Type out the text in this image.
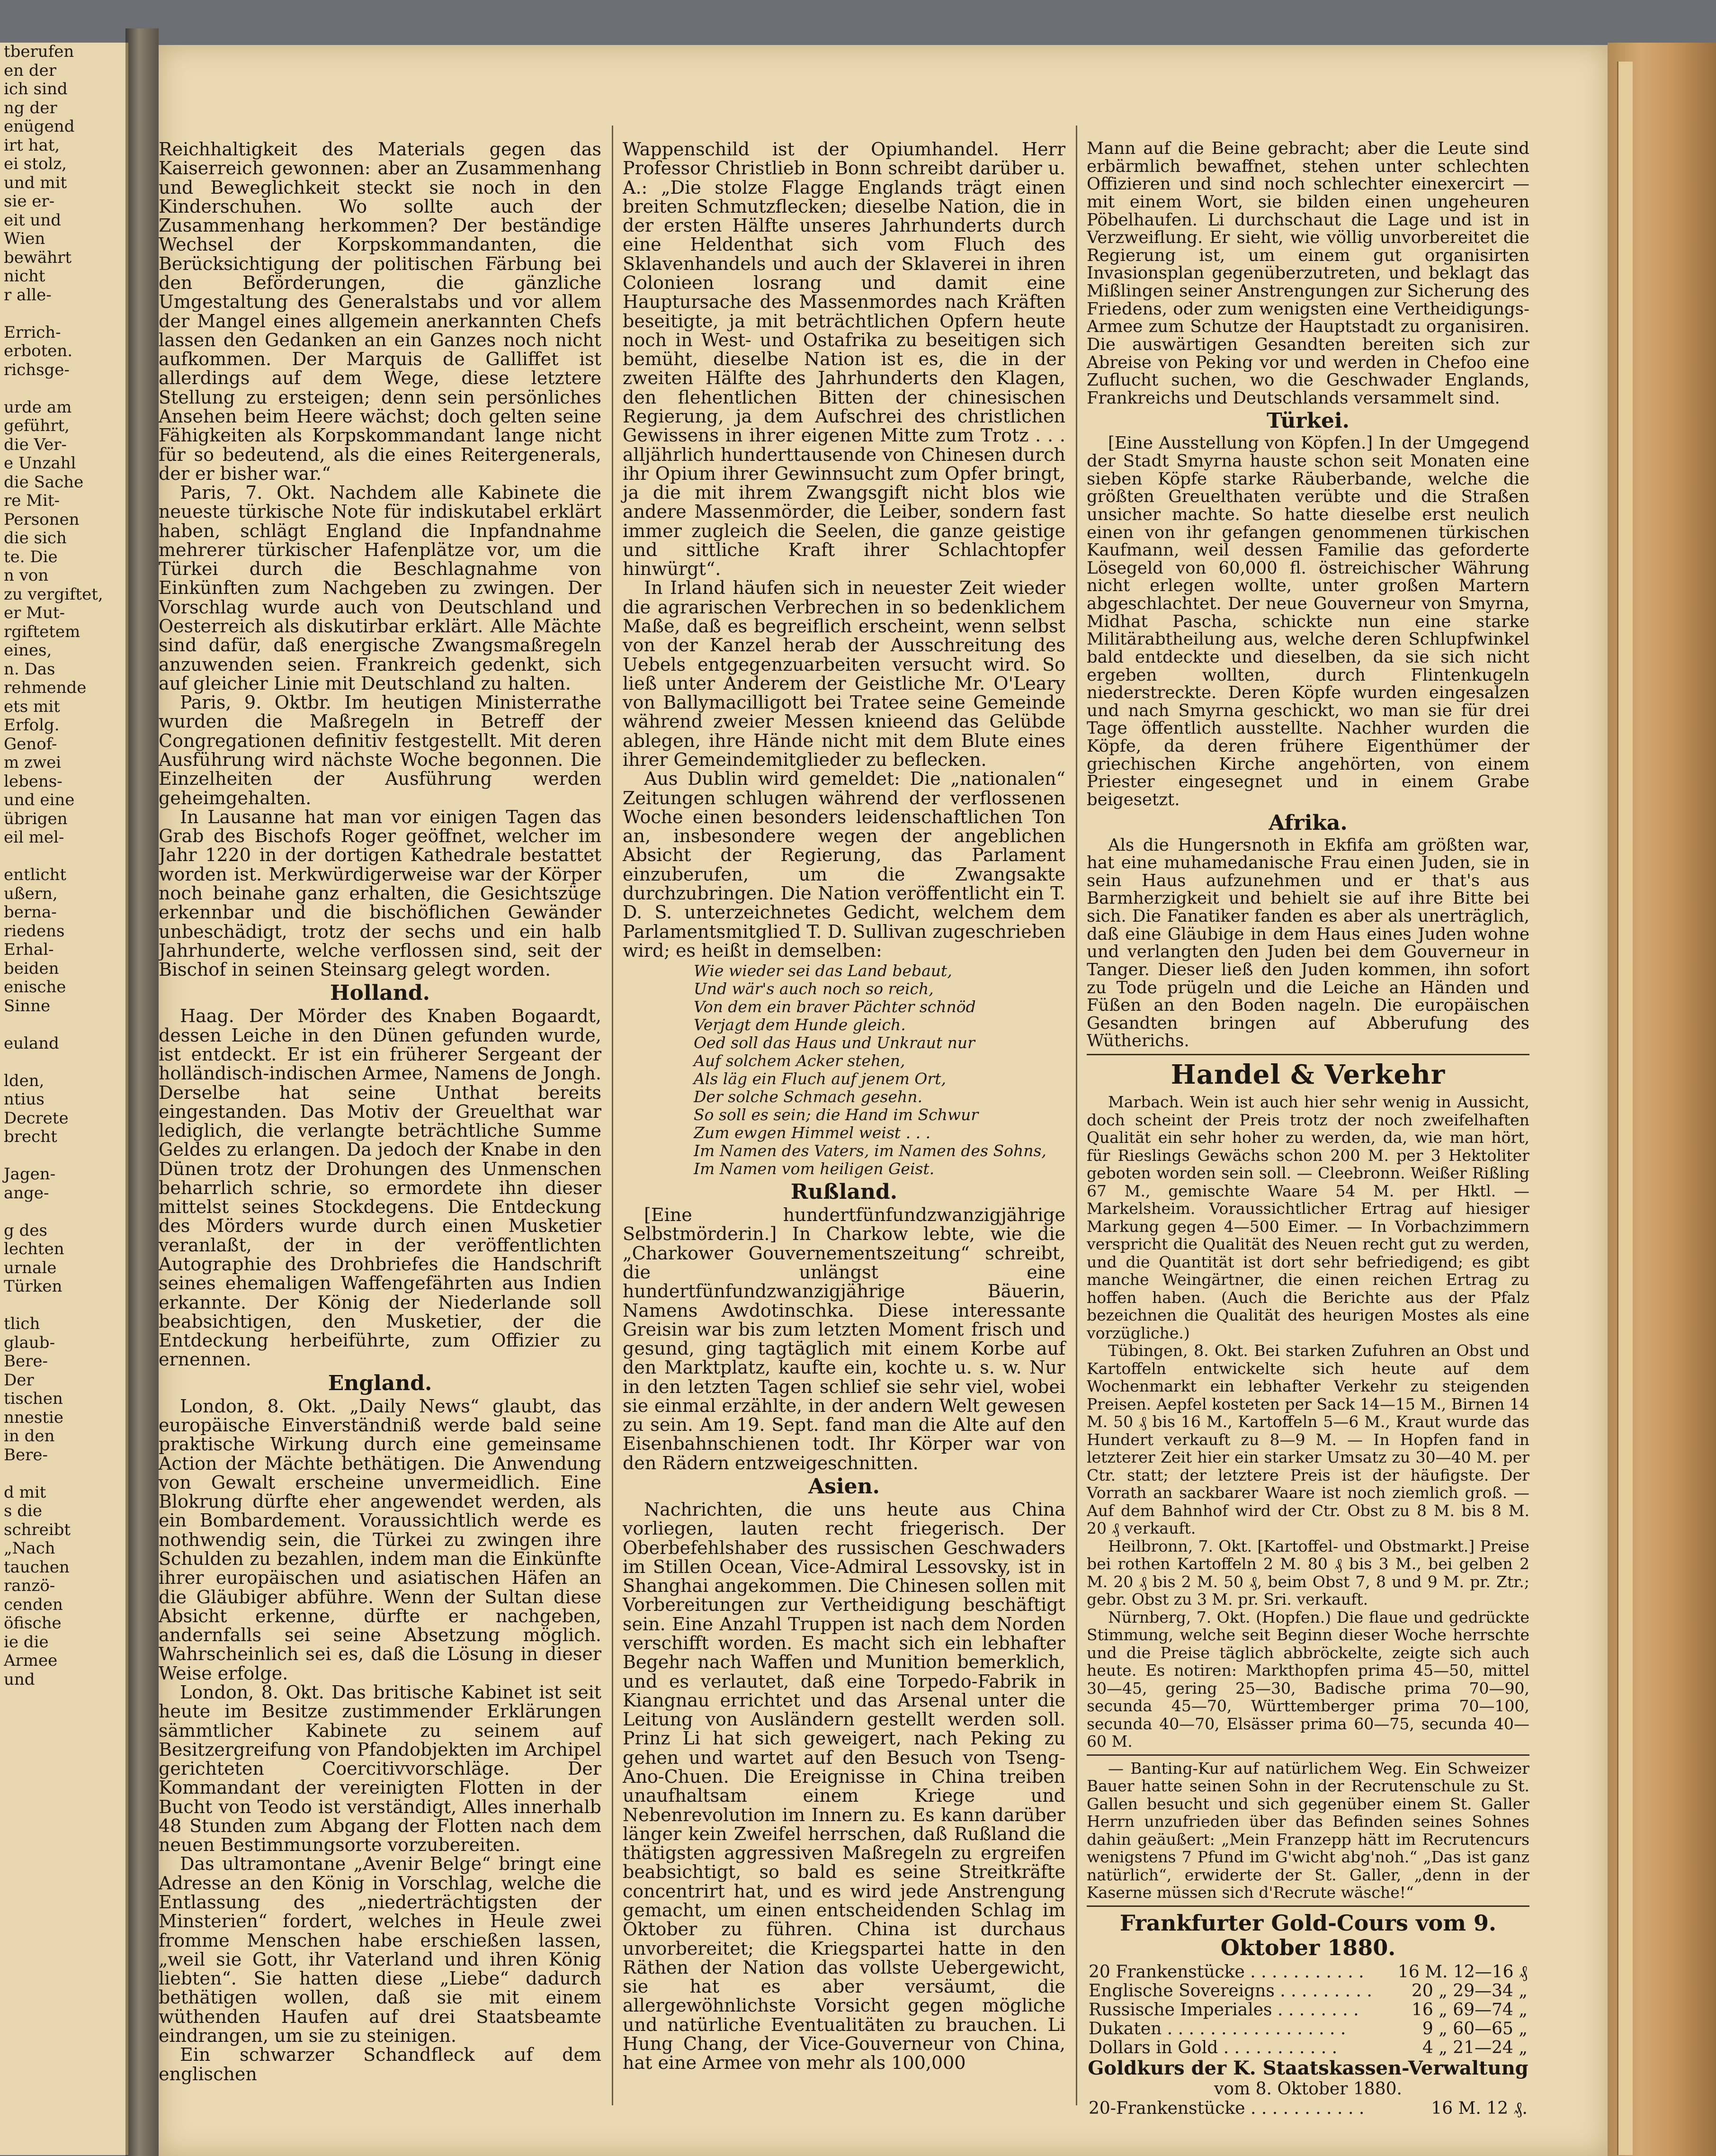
tberufen
en der
ich sind
ng der
enügend
irt hat,
ei stolz,
und mit
sie er-
eit und
Wien
bewährt
nicht
r alle-

Errich-
erboten.
richsge-

urde am
geführt,
die Ver-
e Unzahl
die Sache
re Mit-
Personen
die sich
te. Die
n von
zu vergiftet,
er Mut-
rgiftetem
eines,
n. Das
rehmende
ets mit
Erfolg.
Genof-
m zwei
lebens-
und eine
übrigen
eil mel-

entlicht
ußern,
berna-
riedens
Erhal-
beiden
enische
Sinne

euland

lden,
ntius
Decrete
brecht

Jagen-
ange-

g des
lechten
urnale
Türken

tlich
glaub-
Bere-
Der
tischen
nnestie
in den
Bere-

d mit
s die
schreibt
„Nach
tauchen
ranzö-
cenden
öfische
ie die
Armee
und

Reichhaltigkeit des Materials gegen das Kaiserreich gewonnen: aber an Zusammenhang und Beweglichkeit steckt sie noch in den Kinderschuhen. Wo sollte auch der Zusammenhang herkommen? Der beständige Wechsel der Korpskommandanten, die Berücksichtigung der politischen Färbung bei den Beförderungen, die gänzliche Umgestaltung des Generalstabs und vor allem der Mangel eines allgemein anerkannten Chefs lassen den Gedanken an ein Ganzes noch nicht aufkommen. Der Marquis de Galliffet ist allerdings auf dem Wege, diese letztere Stellung zu ersteigen; denn sein persönliches Ansehen beim Heere wächst; doch gelten seine Fähigkeiten als Korpskommandant lange nicht für so bedeutend, als die eines Reitergenerals, der er bisher war.“

Paris, 7. Okt. Nachdem alle Kabinete die neueste türkische Note für indiskutabel erklärt haben, schlägt England die Inpfandnahme mehrerer türkischer Hafenplätze vor, um die Türkei durch die Beschlagnahme von Einkünften zum Nachgeben zu zwingen. Der Vorschlag wurde auch von Deutschland und Oesterreich als diskutirbar erklärt. Alle Mächte sind dafür, daß energische Zwangsmaßregeln anzuwenden seien. Frankreich gedenkt, sich auf gleicher Linie mit Deutschland zu halten.

Paris, 9. Oktbr. Im heutigen Ministerrathe wurden die Maßregeln in Betreff der Congregationen definitiv festgestellt. Mit deren Ausführung wird nächste Woche begonnen. Die Einzelheiten der Ausführung werden geheimgehalten.

In Lausanne hat man vor einigen Tagen das Grab des Bischofs Roger geöffnet, welcher im Jahr 1220 in der dortigen Kathedrale bestattet worden ist. Merkwürdigerweise war der Körper noch beinahe ganz erhalten, die Gesichtszüge erkennbar und die bischöflichen Gewänder unbeschädigt, trotz der sechs und ein halb Jahrhunderte, welche verflossen sind, seit der Bischof in seinen Steinsarg gelegt worden.

Holland.

Haag. Der Mörder des Knaben Bogaardt, dessen Leiche in den Dünen gefunden wurde, ist entdeckt. Er ist ein früherer Sergeant der holländisch-indischen Armee, Namens de Jongh. Derselbe hat seine Unthat bereits eingestanden. Das Motiv der Greuelthat war lediglich, die verlangte beträchtliche Summe Geldes zu erlangen. Da jedoch der Knabe in den Dünen trotz der Drohungen des Unmenschen beharrlich schrie, so ermordete ihn dieser mittelst seines Stockdegens. Die Entdeckung des Mörders wurde durch einen Musketier veranlaßt, der in der veröffentlichten Autographie des Drohbriefes die Handschrift seines ehemaligen Waffengefährten aus Indien erkannte. Der König der Niederlande soll beabsichtigen, den Musketier, der die Entdeckung herbeiführte, zum Offizier zu ernennen.

England.

London, 8. Okt. „Daily News“ glaubt, das europäische Einverständniß werde bald seine praktische Wirkung durch eine gemeinsame Action der Mächte bethätigen. Die Anwendung von Gewalt erscheine unvermeidlich. Eine Blokrung dürfte eher angewendet werden, als ein Bombardement. Voraussichtlich werde es nothwendig sein, die Türkei zu zwingen ihre Schulden zu bezahlen, indem man die Einkünfte ihrer europäischen und asiatischen Häfen an die Gläubiger abführe. Wenn der Sultan diese Absicht erkenne, dürfte er nachgeben, andernfalls sei seine Absetzung möglich. Wahrscheinlich sei es, daß die Lösung in dieser Weise erfolge.

London, 8. Okt. Das britische Kabinet ist seit heute im Besitze zustimmender Erklärungen sämmtlicher Kabinete zu seinem auf Besitzergreifung von Pfandobjekten im Archipel gerichteten Coercitivvorschläge. Der Kommandant der vereinigten Flotten in der Bucht von Teodo ist verständigt, Alles innerhalb 48 Stunden zum Abgang der Flotten nach dem neuen Bestimmungsorte vorzubereiten.

Das ultramontane „Avenir Belge“ bringt eine Adresse an den König in Vorschlag, welche die Entlassung des „niederträchtigsten der Minsterien“ fordert, welches in Heule zwei fromme Menschen habe erschießen lassen, „weil sie Gott, ihr Vaterland und ihren König liebten“. Sie hatten diese „Liebe“ dadurch bethätigen wollen, daß sie mit einem wüthenden Haufen auf drei Staatsbeamte eindrangen, um sie zu steinigen.

Ein schwarzer Schandfleck auf dem englischen

Wappenschild ist der Opiumhandel. Herr Professor Christlieb in Bonn schreibt darüber u. A.: „Die stolze Flagge Englands trägt einen breiten Schmutzflecken; dieselbe Nation, die in der ersten Hälfte unseres Jahrhunderts durch eine Heldenthat sich vom Fluch des Sklavenhandels und auch der Sklaverei in ihren Colonieen losrang und damit eine Hauptursache des Massenmordes nach Kräften beseitigte, ja mit beträchtlichen Opfern heute noch in West- und Ostafrika zu beseitigen sich bemüht, dieselbe Nation ist es, die in der zweiten Hälfte des Jahrhunderts den Klagen, den flehentlichen Bitten der chinesischen Regierung, ja dem Aufschrei des christlichen Gewissens in ihrer eigenen Mitte zum Trotz . . . alljährlich hunderttausende von Chinesen durch ihr Opium ihrer Gewinnsucht zum Opfer bringt, ja die mit ihrem Zwangsgift nicht blos wie andere Massenmörder, die Leiber, sondern fast immer zugleich die Seelen, die ganze geistige und sittliche Kraft ihrer Schlachtopfer hinwürgt“.

In Irland häufen sich in neuester Zeit wieder die agrarischen Verbrechen in so bedenklichem Maße, daß es begreiflich erscheint, wenn selbst von der Kanzel herab der Ausschreitung des Uebels entgegenzuarbeiten versucht wird. So ließ unter Anderem der Geistliche Mr. O'Leary von Ballymacilligott bei Tratee seine Gemeinde während zweier Messen knieend das Gelübde ablegen, ihre Hände nicht mit dem Blute eines ihrer Gemeindemitglieder zu beflecken.

Aus Dublin wird gemeldet: Die „nationalen“ Zeitungen schlugen während der verflossenen Woche einen besonders leidenschaftlichen Ton an, insbesondere wegen der angeblichen Absicht der Regierung, das Parlament einzuberufen, um die Zwangsakte durchzubringen. Die Nation veröffentlicht ein T. D. S. unterzeichnetes Gedicht, welchem dem Parlamentsmitglied T. D. Sullivan zugeschrieben wird; es heißt in demselben:

Wie wieder sei das Land bebaut,
Und wär's auch noch so reich,
Von dem ein braver Pächter schnöd
Verjagt dem Hunde gleich.
Oed soll das Haus und Unkraut nur
Auf solchem Acker stehen,
Als läg ein Fluch auf jenem Ort,
Der solche Schmach gesehn.
So soll es sein; die Hand im Schwur
Zum ewgen Himmel weist . . .
Im Namen des Vaters, im Namen des Sohns,
Im Namen vom heiligen Geist.
Rußland.

[Eine hundertfünfundzwanzigjährige Selbstmörderin.] In Charkow lebte, wie die „Charkower Gouvernementszeitung“ schreibt, die unlängst eine hundertfünfundzwanzigjährige Bäuerin, Namens Awdotinschka. Diese interessante Greisin war bis zum letzten Moment frisch und gesund, ging tagtäglich mit einem Korbe auf den Marktplatz, kaufte ein, kochte u. s. w. Nur in den letzten Tagen schlief sie sehr viel, wobei sie einmal erzählte, in der andern Welt gewesen zu sein. Am 19. Sept. fand man die Alte auf den Eisenbahnschienen todt. Ihr Körper war von den Rädern entzweigeschnitten.

Asien.

Nachrichten, die uns heute aus China vorliegen, lauten recht friegerisch. Der Oberbefehlshaber des russischen Geschwaders im Stillen Ocean, Vice-Admiral Lessovsky, ist in Shanghai angekommen. Die Chinesen sollen mit Vorbereitungen zur Vertheidigung beschäftigt sein. Eine Anzahl Truppen ist nach dem Norden verschifft worden. Es macht sich ein lebhafter Begehr nach Waffen und Munition bemerklich, und es verlautet, daß eine Torpedo-Fabrik in Kiangnau errichtet und das Arsenal unter die Leitung von Ausländern gestellt werden soll. Prinz Li hat sich geweigert, nach Peking zu gehen und wartet auf den Besuch von Tseng-Ano-Chuen. Die Ereignisse in China treiben unaufhaltsam einem Kriege und Nebenrevolution im Innern zu. Es kann darüber länger kein Zweifel herrschen, daß Rußland die thätigsten aggressiven Maßregeln zu ergreifen beabsichtigt, so bald es seine Streitkräfte concentrirt hat, und es wird jede Anstrengung gemacht, um einen entscheidenden Schlag im Oktober zu führen. China ist durchaus unvorbereitet; die Kriegspartei hatte in den Räthen der Nation das vollste Uebergewicht, sie hat es aber versäumt, die allergewöhnlichste Vorsicht gegen mögliche und natürliche Eventualitäten zu brauchen. Li Hung Chang, der Vice-Gouverneur von China, hat eine Armee von mehr als 100,000

Mann auf die Beine gebracht; aber die Leute sind erbärmlich bewaffnet, stehen unter schlechten Offizieren und sind noch schlechter einexercirt — mit einem Wort, sie bilden einen ungeheuren Pöbelhaufen. Li durchschaut die Lage und ist in Verzweiflung. Er sieht, wie völlig unvorbereitet die Regierung ist, um einem gut organisirten Invasionsplan gegenüberzutreten, und beklagt das Mißlingen seiner Anstrengungen zur Sicherung des Friedens, oder zum wenigsten eine Vertheidigungs-Armee zum Schutze der Hauptstadt zu organisiren. Die auswärtigen Gesandten bereiten sich zur Abreise von Peking vor und werden in Chefoo eine Zuflucht suchen, wo die Geschwader Englands, Frankreichs und Deutschlands versammelt sind.

Türkei.

[Eine Ausstellung von Köpfen.] In der Umgegend der Stadt Smyrna hauste schon seit Monaten eine sieben Köpfe starke Räuberbande, welche die größten Greuelthaten verübte und die Straßen unsicher machte. So hatte dieselbe erst neulich einen von ihr gefangen genommenen türkischen Kaufmann, weil dessen Familie das geforderte Lösegeld von 60,000 fl. östreichischer Währung nicht erlegen wollte, unter großen Martern abgeschlachtet. Der neue Gouverneur von Smyrna, Midhat Pascha, schickte nun eine starke Militärabtheilung aus, welche deren Schlupfwinkel bald entdeckte und dieselben, da sie sich nicht ergeben wollten, durch Flintenkugeln niederstreckte. Deren Köpfe wurden eingesalzen und nach Smyrna geschickt, wo man sie für drei Tage öffentlich ausstellte. Nachher wurden die Köpfe, da deren frühere Eigenthümer der griechischen Kirche angehörten, von einem Priester eingesegnet und in einem Grabe beigesetzt.

Afrika.

Als die Hungersnoth in Ekfifa am größten war, hat eine muhamedanische Frau einen Juden, sie in sein Haus aufzunehmen und er that's aus Barmherzigkeit und behielt sie auf ihre Bitte bei sich. Die Fanatiker fanden es aber als unerträglich, daß eine Gläubige in dem Haus eines Juden wohne und verlangten den Juden bei dem Gouverneur in Tanger. Dieser ließ den Juden kommen, ihn sofort zu Tode prügeln und die Leiche an Händen und Füßen an den Boden nageln. Die europäischen Gesandten bringen auf Abberufung des Wütherichs.

Handel & Verkehr

Marbach. Wein ist auch hier sehr wenig in Aussicht, doch scheint der Preis trotz der noch zweifelhaften Qualität ein sehr hoher zu werden, da, wie man hört, für Rieslings Gewächs schon 200 M. per 3 Hektoliter geboten worden sein soll. — Cleebronn. Weißer Rißling 67 M., gemischte Waare 54 M. per Hktl. — Markelsheim. Voraussichtlicher Ertrag auf hiesiger Markung gegen 4—500 Eimer. — In Vorbachzimmern verspricht die Qualität des Neuen recht gut zu werden, und die Quantität ist dort sehr befriedigend; es gibt manche Weingärtner, die einen reichen Ertrag zu hoffen haben. (Auch die Berichte aus der Pfalz bezeichnen die Qualität des heurigen Mostes als eine vorzügliche.)

Tübingen, 8. Okt. Bei starken Zufuhren an Obst und Kartoffeln entwickelte sich heute auf dem Wochenmarkt ein lebhafter Verkehr zu steigenden Preisen. Aepfel kosteten per Sack 14—15 M., Birnen 14 M. 50 ₰ bis 16 M., Kartoffeln 5—6 M., Kraut wurde das Hundert verkauft zu 8—9 M. — In Hopfen fand in letzterer Zeit hier ein starker Umsatz zu 30—40 M. per Ctr. statt; der letztere Preis ist der häufigste. Der Vorrath an sackbarer Waare ist noch ziemlich groß. — Auf dem Bahnhof wird der Ctr. Obst zu 8 M. bis 8 M. 20 ₰ verkauft.

Heilbronn, 7. Okt. [Kartoffel- und Obstmarkt.] Preise bei rothen Kartoffeln 2 M. 80 ₰ bis 3 M., bei gelben 2 M. 20 ₰ bis 2 M. 50 ₰, beim Obst 7, 8 und 9 M. pr. Ztr.; gebr. Obst zu 3 M. pr. Sri. verkauft.

Nürnberg, 7. Okt. (Hopfen.) Die flaue und gedrückte Stimmung, welche seit Beginn dieser Woche herrschte und die Preise täglich abbröckelte, zeigte sich auch heute. Es notiren: Markthopfen prima 45—50, mittel 30—45, gering 25—30, Badische prima 70—90, secunda 45—70, Württemberger prima 70—100, secunda 40—70, Elsässer prima 60—75, secunda 40—60 M.

— Banting-Kur auf natürlichem Weg. Ein Schweizer Bauer hatte seinen Sohn in der Recrutenschule zu St. Gallen besucht und sich gegenüber einem St. Galler Herrn unzufrieden über das Befinden seines Sohnes dahin geäußert: „Mein Franzepp hätt im Recrutencurs wenigstens 7 Pfund im G'wicht abg'noh.“ „Das ist ganz natürlich“, erwiderte der St. Galler, „denn in der Kaserne müssen sich d'Recrute wäsche!“

Frankfurter Gold-Cours vom 9. Oktober 1880.
20 Frankenstücke . . . . . . . . . . .	16 M. 12—16 ₰
Englische Sovereigns . . . . . . . . .	20 „ 29—34 „
Russische Imperiales . . . . . . . .	16 „ 69—74 „
Dukaten . . . . . . . . . . . . . . . . .	9 „ 60—65 „
Dollars in Gold . . . . . . . . . . .	4 „ 21—24 „
Goldkurs der K. Staatskassen-Verwaltung
vom 8. Oktober 1880.
20-Frankenstücke . . . . . . . . . . .	16 M. 12 ₰.
